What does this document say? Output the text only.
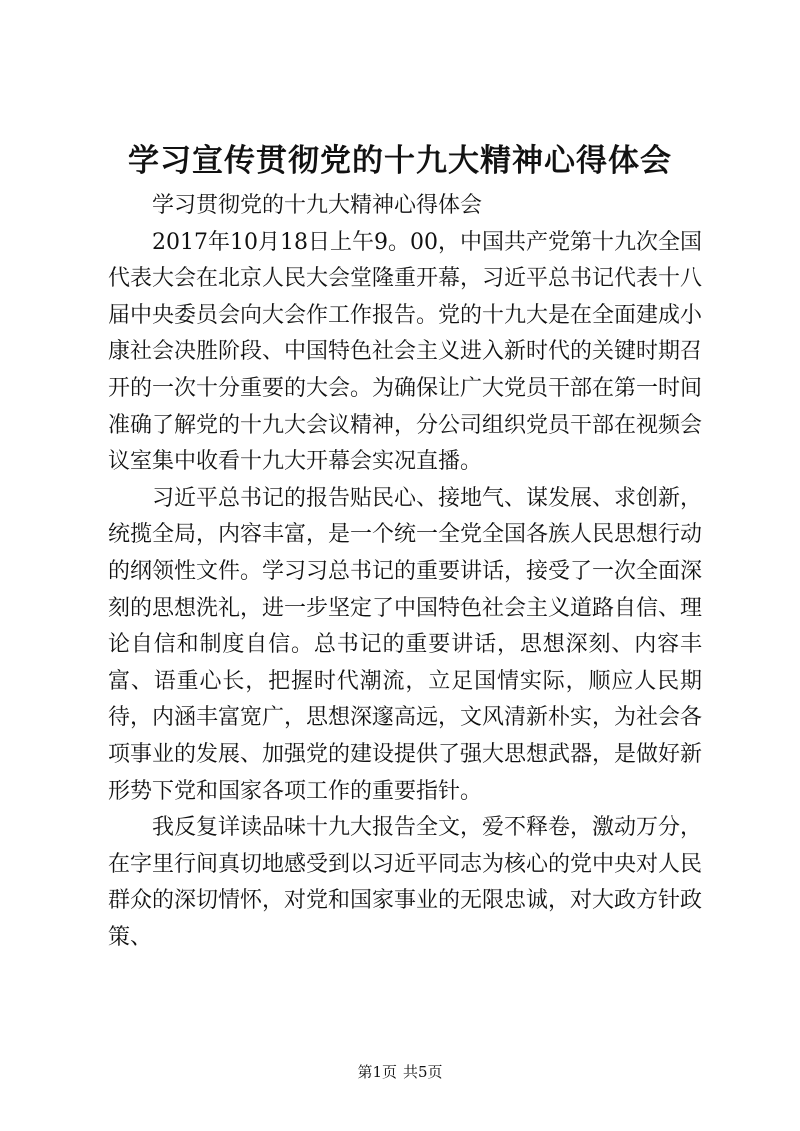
学习宣传贯彻党的十九大精神心得体会

学习贯彻党的十九大精神心得体会

2017年10月18日上午9。00，中国共产党第十九次全国代表大会在北京人民大会堂隆重开幕，习近平总书记代表十八届中央委员会向大会作工作报告。党的十九大是在全面建成小康社会决胜阶段、中国特色社会主义进入新时代的关键时期召开的一次十分重要的大会。为确保让广大党员干部在第一时间准确了解党的十九大会议精神，分公司组织党员干部在视频会议室集中收看十九大开幕会实况直播。

习近平总书记的报告贴民心、接地气、谋发展、求创新，统揽全局，内容丰富，是一个统一全党全国各族人民思想行动的纲领性文件。学习习总书记的重要讲话，接受了一次全面深刻的思想洗礼，进一步坚定了中国特色社会主义道路自信、理论自信和制度自信。总书记的重要讲话，思想深刻、内容丰富、语重心长，把握时代潮流，立足国情实际，顺应人民期待，内涵丰富宽广，思想深邃高远，文风清新朴实，为社会各项事业的发展、加强党的建设提供了强大思想武器，是做好新形势下党和国家各项工作的重要指针。

我反复详读品味十九大报告全文，爱不释卷，激动万分，在字里行间真切地感受到以习近平同志为核心的党中央对人民群众的深切情怀，对党和国家事业的无限忠诚，对大政方针政策、

第1页 共5页
